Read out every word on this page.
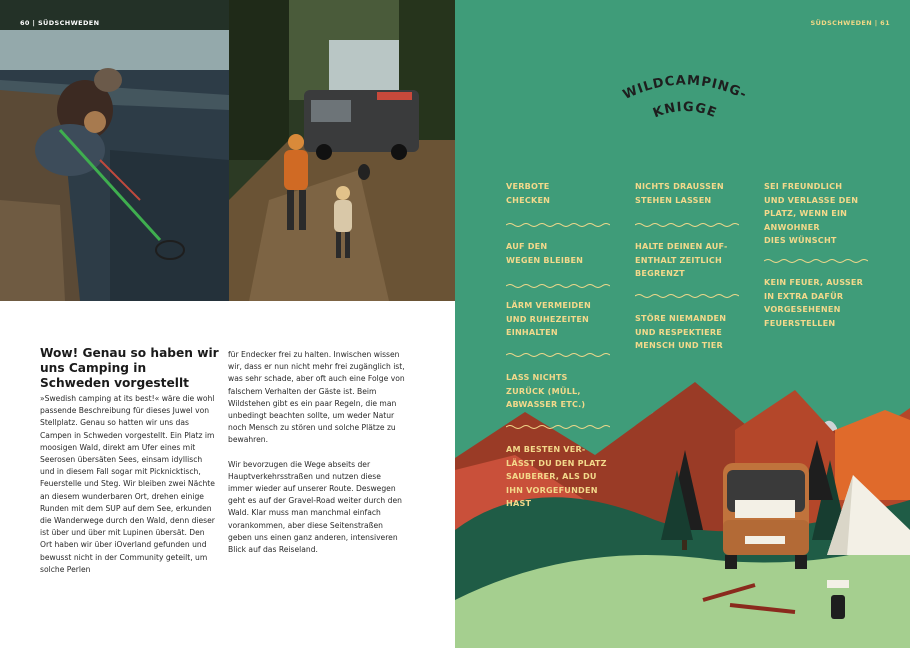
60 | SÜDSCHWEDEN
Wow! Genau so haben wir uns Camping in Schweden vorgestellt

»Swedish camping at its best!« wäre die wohl passende Beschreibung für dieses Juwel von Stellplatz. Genau so hatten wir uns das Campen in Schweden vorgestellt. Ein Platz im moosigen Wald, direkt am Ufer eines mit Seerosen übersäten Sees, einsam idyllisch und in diesem Fall sogar mit Picknicktisch, Feuerstelle und Steg. Wir bleiben zwei Nächte an diesem wunderbaren Ort, drehen einige Runden mit dem SUP auf dem See, erkunden die Wanderwege durch den Wald, denn dieser ist über und über mit Lupinen übersät. Den Ort haben wir über iOverland gefunden und bewusst nicht in der Community geteilt, um solche Perlen

für Endecker frei zu halten. Inwischen wissen wir, dass er nun nicht mehr frei zugänglich ist, was sehr schade, aber oft auch eine Folge von falschem Verhalten der Gäste ist. Beim Wildstehen gibt es ein paar Regeln, die man unbedingt beachten sollte, um weder Natur noch Mensch zu stören und solche Plätze zu bewahren.

Wir bevorzugen die Wege abseits der Hauptverkehrsstraßen und nutzen diese immer wieder auf unserer Route. Deswegen geht es auf der Gravel-Road weiter durch den Wald. Klar muss man manchmal einfach vorankommen, aber diese Seitenstraßen geben uns einen ganz anderen, intensiveren Blick auf das Reiseland.

SÜDSCHWEDEN | 61
WILDCAMPING-
KNIGGE
VERBOTE
CHECKEN
AUF DEN
WEGEN BLEIBEN
LÄRM VERMEIDEN
UND RUHEZEITEN
EINHALTEN
LASS NICHTS
ZURÜCK (MÜLL,
ABWASSER ETC.)
AM BESTEN VER-
LÄSST DU DEN PLATZ
SAUBERER, ALS DU
IHN VORGEFUNDEN
HAST
NICHTS DRAUSSEN
STEHEN LASSEN
HALTE DEINEN AUF-
ENTHALT ZEITLICH
BEGRENZT
STÖRE NIEMANDEN
UND RESPEKTIERE
MENSCH UND TIER
SEI FREUNDLICH
UND VERLASSE DEN
PLATZ, WENN EIN
ANWOHNER
DIES WÜNSCHT
KEIN FEUER, AUSSER
IN EXTRA DAFÜR
VORGESEHENEN
FEUERSTELLEN
